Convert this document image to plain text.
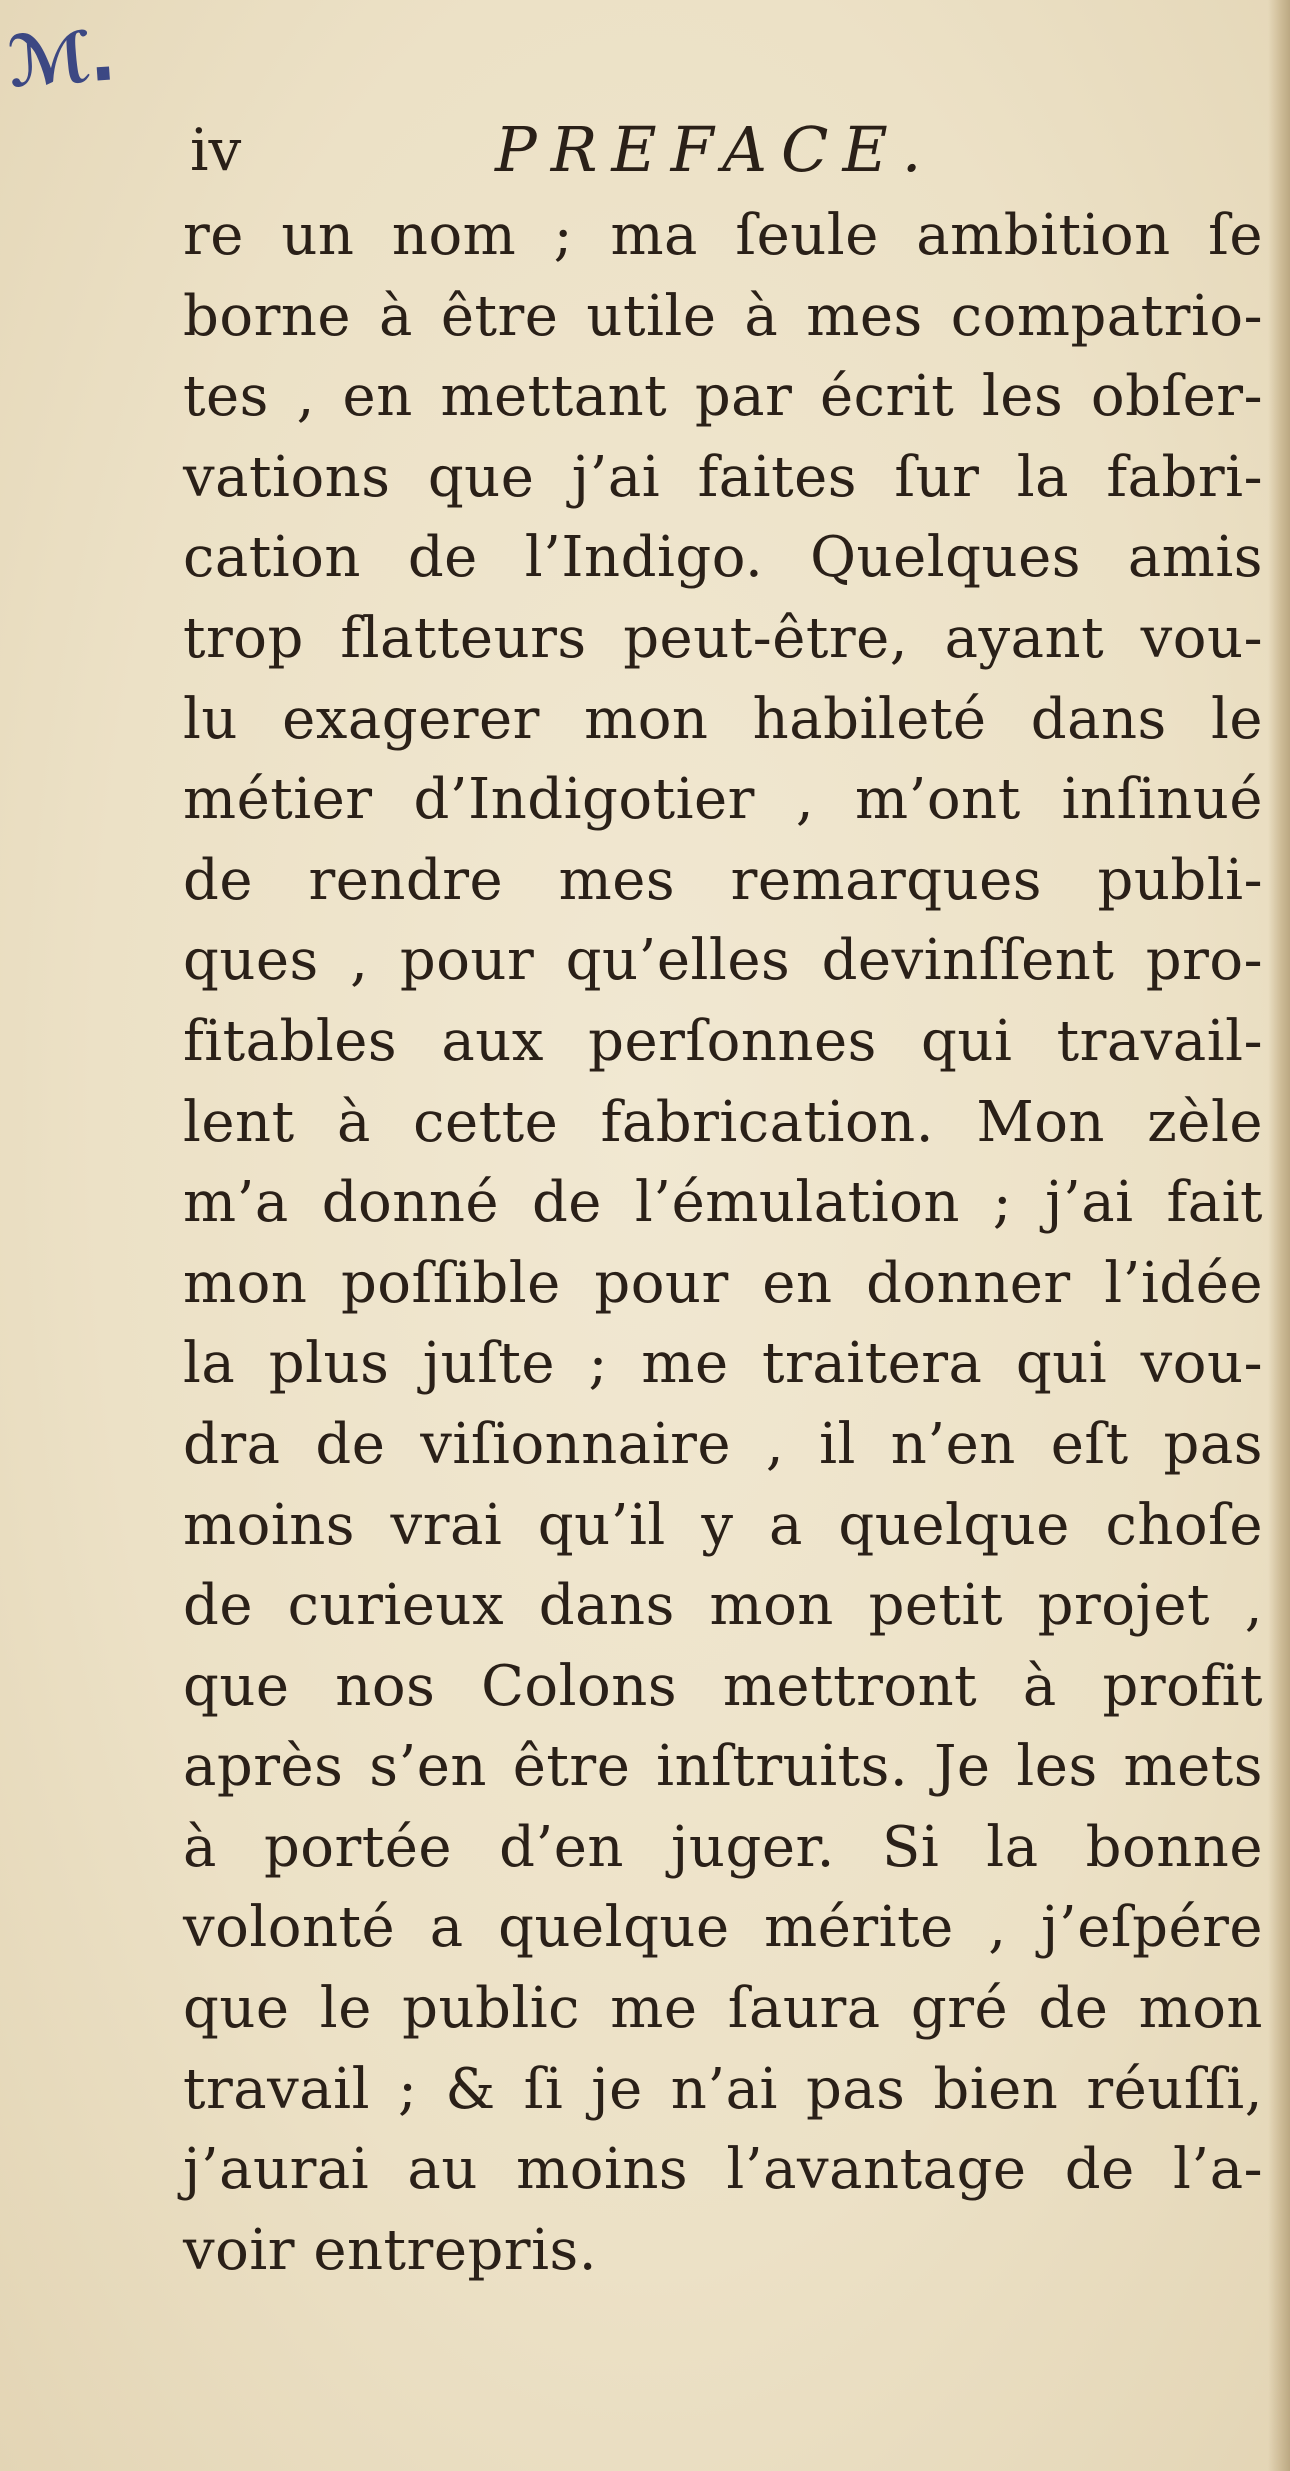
ℳ.
iv	PREFACE.
re un nom ; ma ſeule ambition ſe
borne à être utile à mes compatrio-
tes , en mettant par écrit les obſer-
vations que j’ai faites ſur la fabri-
cation de l’Indigo. Quelques amis
trop flatteurs peut-être, ayant vou-
lu exagerer mon habileté dans le
métier d’Indigotier , m’ont inſinué
de rendre mes remarques publi-
ques , pour qu’elles devinſſent pro-
fitables aux perſonnes qui travail-
lent à cette fabrication. Mon zèle
m’a donné de l’émulation ; j’ai fait
mon poſſible pour en donner l’idée
la plus juſte ; me traitera qui vou-
dra de viſionnaire , il n’en eſt pas
moins vrai qu’il y a quelque choſe
de curieux dans mon petit projet ,
que nos Colons mettront à profit
après s’en être inſtruits. Je les mets
à portée d’en juger. Si la bonne
volonté a quelque mérite , j’eſpére
que le public me ſaura gré de mon
travail ; & ſi je n’ai pas bien réuſſi,
j’aurai au moins l’avantage de l’a-
voir entrepris.
